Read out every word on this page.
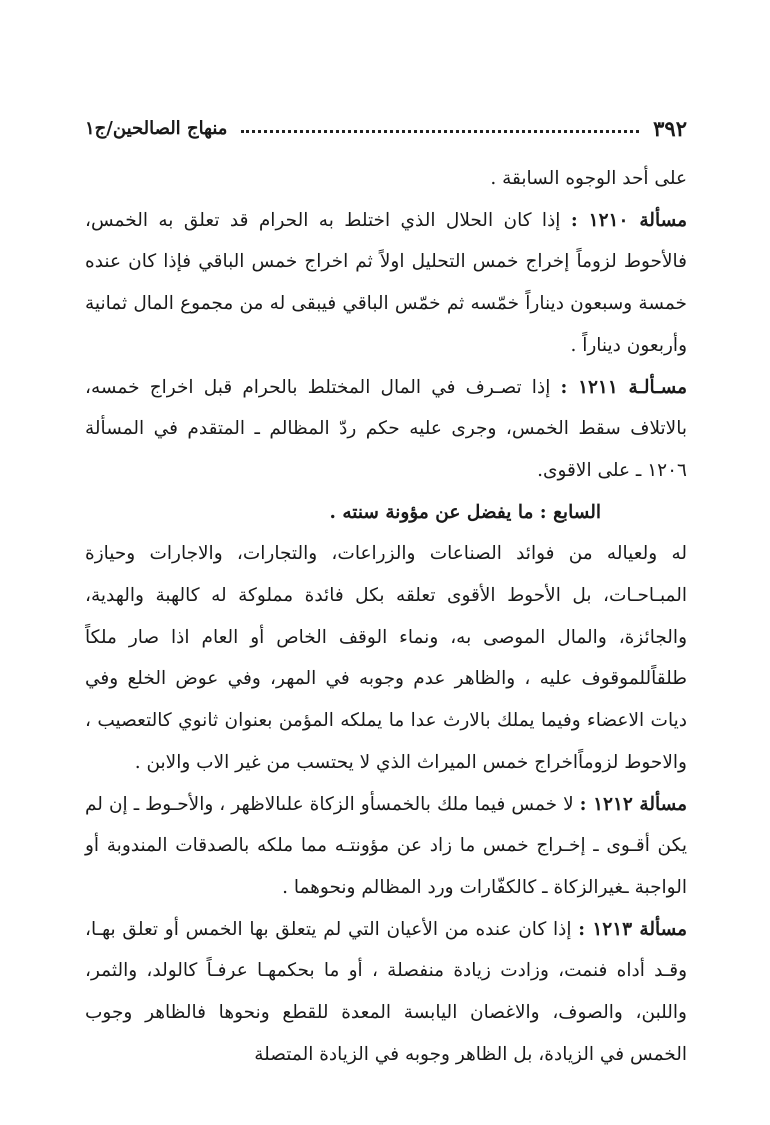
٣٩٢
منهاج الصالحين/ج١

على أحد الوجوه السابقة .

مسألة ١٢١٠ : إذا كان الحلال الذي اختلط به الحرام قد تعلق به الخمس، فالأحوط لزوماً إخراج خمس التحليل اولاً ثم اخراج خمس الباقي فإذا كان عنده خمسة وسبعون ديناراً خمّسه ثم خمّس الباقي فيبقى له من مجموع المال ثمانية وأربعون ديناراً .

مسـألـة ١٢١١ : إذا تصـرف في المال المختلط بالحرام قبل اخراج خمسه، بالاتلاف سقط الخمس، وجرى عليه حكم ردّ المظالم ـ المتقدم في المسألة ١٢٠٦ ـ على الاقوى.

السابع : ما يفضل عن مؤونة سنته .

له ولعياله من فوائد الصناعات والزراعات، والتجارات، والاجارات وحيازة المبـاحـات، بل الأحوط الأقوى تعلقه بكل فائدة مملوكة له كالهبة والهدية، والجائزة، والمال الموصى به، ونماء الوقف الخاص أو العام اذا صار ملكاً طلقاًللموقوف عليه ، والظاهر عدم وجوبه في المهر، وفي عوض الخلع وفي ديات الاعضاء وفيما يملك بالارث عدا ما يملكه المؤمن بعنوان ثانوي كالتعصيب ، والاحوط لزوماًاخراج خمس الميراث الذي لا يحتسب من غير الاب والابن .

مسألة ١٢١٢ : لا خمس فيما ملك بالخمسأو الزكاة علىالاظهر ، والأحـوط ـ إن لم يكن أقـوى ـ إخـراج خمس ما زاد عن مؤونتـه مما ملكه بالصدقات المندوبة أو الواجبة ـغيرالزكاة ـ كالكفّارات ورد المظالم ونحوهما .

مسألة ١٢١٣ : إذا كان عنده من الأعيان التي لم يتعلق بها الخمس أو تعلق بهـا، وقـد أداه فنمت، وزادت زيادة منفصلة ، أو ما بحكمهـا عرفـاً كالولد، والثمر، واللبن، والصوف، والاغصان اليابسة المعدة للقطع ونحوها فالظاهر وجوب الخمس في الزيادة، بل الظاهر وجوبه في الزيادة المتصلة
